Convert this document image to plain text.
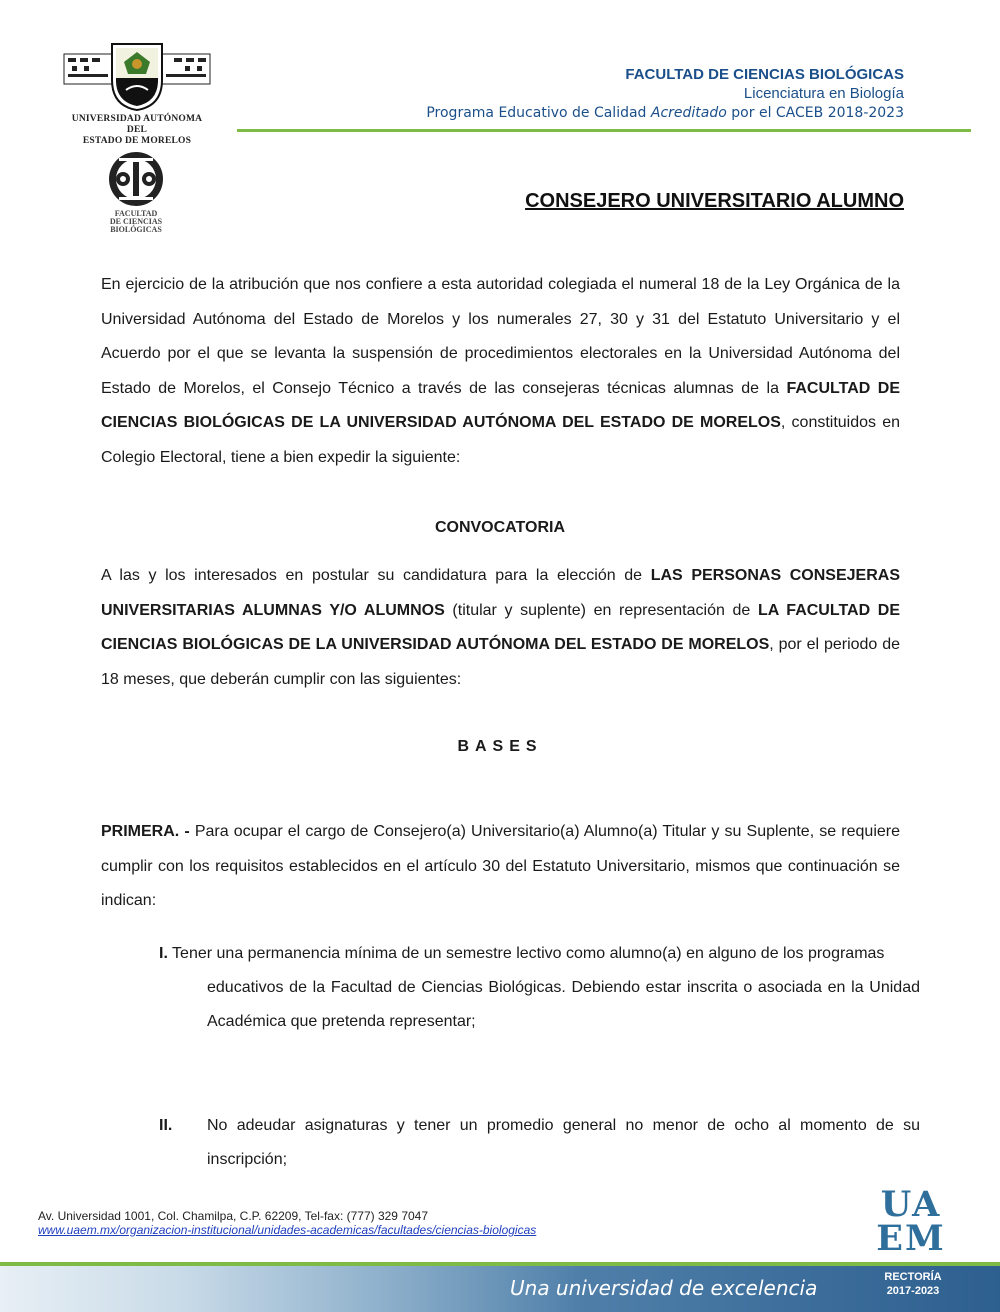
UNIVERSIDAD AUTÓNOMA DEL
ESTADO DE MORELOS
FACULTAD
DE CIENCIAS
BIOLÓGICAS
FACULTAD DE CIENCIAS BIOLÓGICAS
Licenciatura en Biología
Programa Educativo de Calidad Acreditado por el CACEB 2018-2023
CONSEJERO UNIVERSITARIO ALUMNO
En ejercicio de la atribución que nos confiere a esta autoridad colegiada el numeral 18 de la Ley Orgánica de la Universidad Autónoma del Estado de Morelos y los numerales 27, 30 y 31 del Estatuto Universitario y el Acuerdo por el que se levanta la suspensión de procedimientos electorales en la Universidad Autónoma del Estado de Morelos, el Consejo Técnico a través de las consejeras técnicas alumnas de la FACULTAD DE CIENCIAS BIOLÓGICAS DE LA UNIVERSIDAD AUTÓNOMA DEL ESTADO DE MORELOS, constituidos en Colegio Electoral, tiene a bien expedir la siguiente:
CONVOCATORIA
A las y los interesados en postular su candidatura para la elección de LAS PERSONAS CONSEJERAS UNIVERSITARIAS ALUMNAS Y/O ALUMNOS (titular y suplente) en representación de LA FACULTAD DE CIENCIAS BIOLÓGICAS DE LA UNIVERSIDAD AUTÓNOMA DEL ESTADO DE MORELOS, por el periodo de 18 meses, que deberán cumplir con las siguientes:
BASES
PRIMERA. - Para ocupar el cargo de Consejero(a) Universitario(a) Alumno(a) Titular y su Suplente, se requiere cumplir con los requisitos establecidos en el artículo 30 del Estatuto Universitario, mismos que continuación se indican:
I. Tener una permanencia mínima de un semestre lectivo como alumno(a) en alguno de los programas
educativos de la Facultad de Ciencias Biológicas. Debiendo estar inscrita o asociada en la Unidad Académica que pretenda representar;
II. No adeudar asignaturas y tener un promedio general no menor de ocho al momento de su inscripción;
Av. Universidad 1001, Col. Chamilpa, C.P. 62209, Tel-fax: (777) 329 7047
www.uaem.mx/organizacion-institucional/unidades-academicas/facultades/ciencias-biologicas
UA
EM
Una universidad de excelencia	RECTORÍA
2017-2023
